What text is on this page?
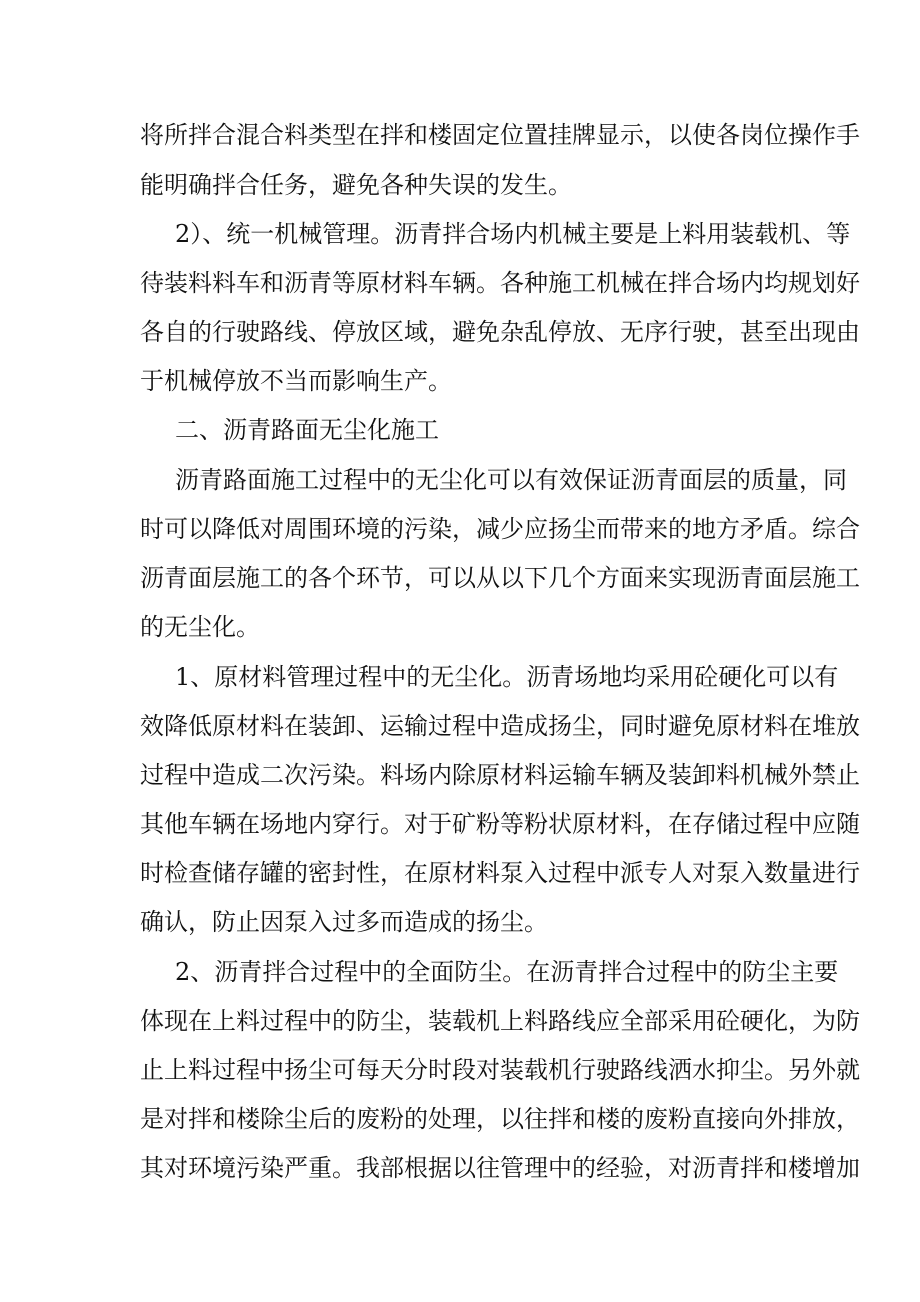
将所拌合混合料类型在拌和楼固定位置挂牌显示，以使各岗位操作手

能明确拌合任务，避免各种失误的发生。

2）、统一机械管理。沥青拌合场内机械主要是上料用装载机、等

待装料料车和沥青等原材料车辆。各种施工机械在拌合场内均规划好

各自的行驶路线、停放区域，避免杂乱停放、无序行驶，甚至出现由

于机械停放不当而影响生产。

二、沥青路面无尘化施工

沥青路面施工过程中的无尘化可以有效保证沥青面层的质量，同

时可以降低对周围环境的污染，减少应扬尘而带来的地方矛盾。综合

沥青面层施工的各个环节，可以从以下几个方面来实现沥青面层施工

的无尘化。

1、原材料管理过程中的无尘化。沥青场地均采用砼硬化可以有

效降低原材料在装卸、运输过程中造成扬尘，同时避免原材料在堆放

过程中造成二次污染。料场内除原材料运输车辆及装卸料机械外禁止

其他车辆在场地内穿行。对于矿粉等粉状原材料，在存储过程中应随

时检查储存罐的密封性，在原材料泵入过程中派专人对泵入数量进行

确认，防止因泵入过多而造成的扬尘。

2、沥青拌合过程中的全面防尘。在沥青拌合过程中的防尘主要

体现在上料过程中的防尘，装载机上料路线应全部采用砼硬化，为防

止上料过程中扬尘可每天分时段对装载机行驶路线洒水抑尘。另外就

是对拌和楼除尘后的废粉的处理，以往拌和楼的废粉直接向外排放，

其对环境污染严重。我部根据以往管理中的经验，对沥青拌和楼增加
